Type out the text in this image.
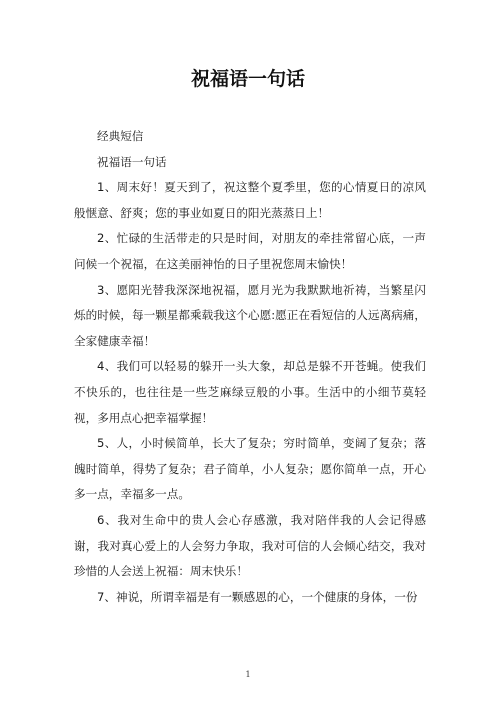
祝福语一句话

经典短信

祝福语一句话

1、周末好！夏天到了，祝这整个夏季里，您的心情夏日的凉风般惬意、舒爽；您的事业如夏日的阳光蒸蒸日上！

2、忙碌的生活带走的只是时间，对朋友的牵挂常留心底，一声问候一个祝福，在这美丽神怡的日子里祝您周末愉快！

3、愿阳光替我深深地祝福，愿月光为我默默地祈祷，当繁星闪烁的时候，每一颗星都乘载我这个心愿:愿正在看短信的人远离病痛，全家健康幸福！

4、我们可以轻易的躲开一头大象，却总是躲不开苍蝇。使我们不快乐的，也往往是一些芝麻绿豆般的小事。生活中的小细节莫轻视，多用点心把幸福掌握！

5、人，小时候简单，长大了复杂；穷时简单，变阔了复杂；落魄时简单，得势了复杂；君子简单，小人复杂；愿你简单一点，开心多一点，幸福多一点。

6、我对生命中的贵人会心存感激，我对陪伴我的人会记得感谢，我对真心爱上的人会努力争取，我对可信的人会倾心结交，我对珍惜的人会送上祝福：周末快乐！

7、神说，所谓幸福是有一颗感恩的心，一个健康的身体，一份

1
